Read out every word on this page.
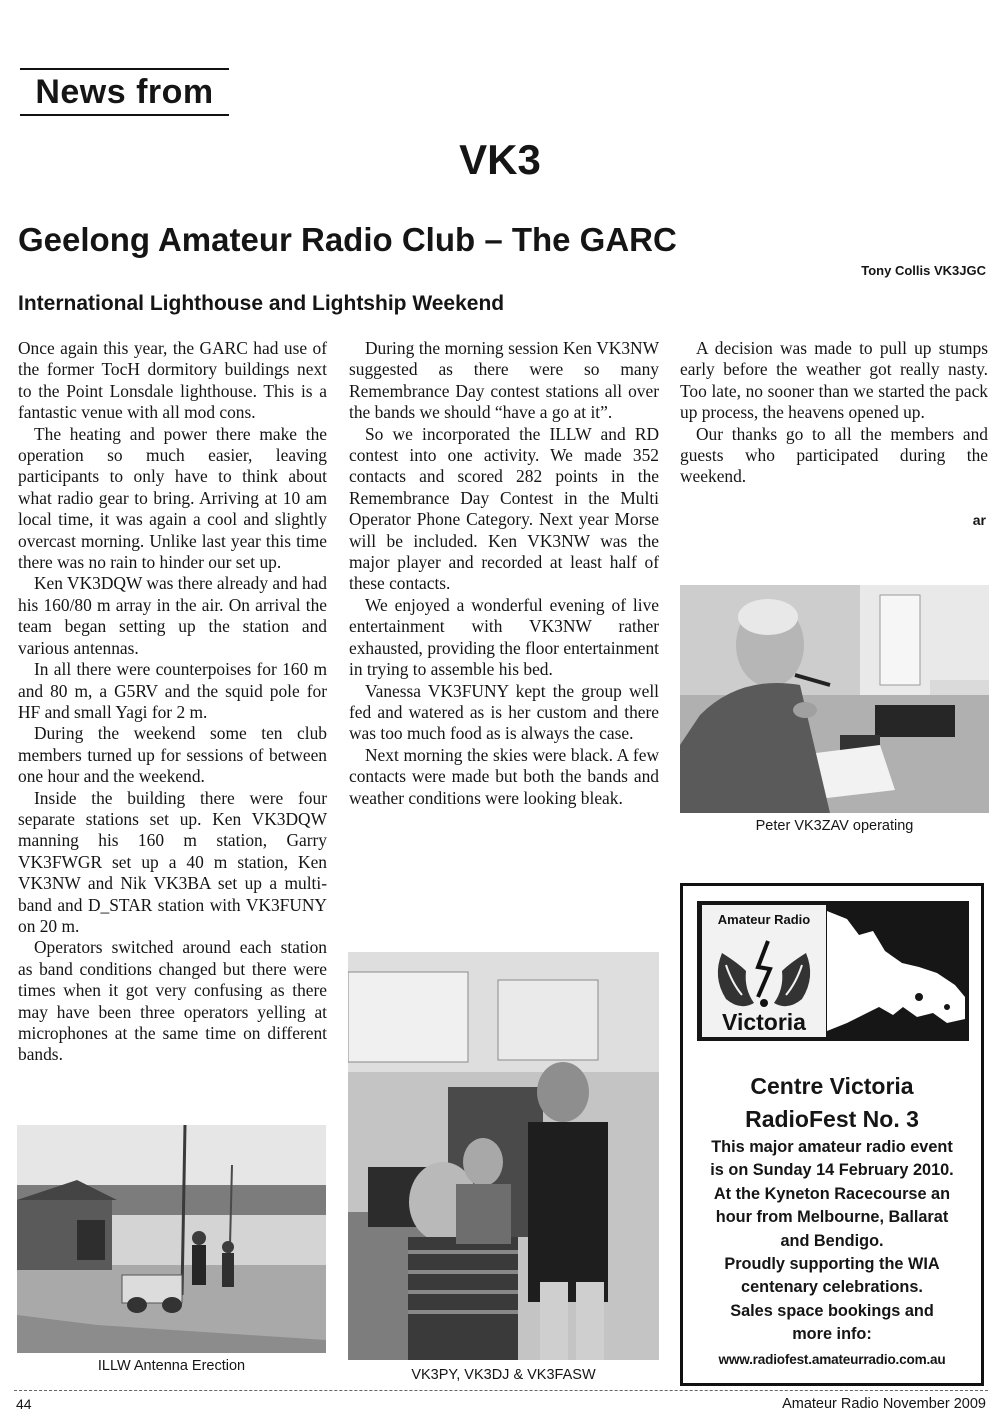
News from
VK3
Geelong Amateur Radio Club – The GARC
Tony Collis VK3JGC
International Lighthouse and Lightship Weekend

Once again this year, the GARC had use of the former TocH dormitory buildings next to the Point Lonsdale lighthouse. This is a fantastic venue with all mod cons.

The heating and power there make the operation so much easier, leaving participants to only have to think about what radio gear to bring. Arriving at 10 am local time, it was again a cool and slightly overcast morning. Unlike last year this time there was no rain to hinder our set up.

Ken VK3DQW was there already and had his 160/80 m array in the air. On arrival the team began setting up the station and various antennas.

In all there were counterpoises for 160 m and 80 m, a G5RV and the squid pole for HF and small Yagi for 2 m.

During the weekend some ten club members turned up for sessions of between one hour and the weekend.

Inside the building there were four separate stations set up. Ken VK3DQW manning his 160 m station, Garry VK3FWGR set up a 40 m station, Ken VK3NW and Nik VK3BA set up a multi-band and D_STAR station with VK3FUNY on 20 m.

Operators switched around each station as band conditions changed but there were times when it got very confusing as there may have been three operators yelling at microphones at the same time on different bands.

During the morning session Ken VK3NW suggested as there were so many Remembrance Day contest stations all over the bands we should “have a go at it”.

So we incorporated the ILLW and RD contest into one activity. We made 352 contacts and scored 282 points in the Remembrance Day Contest in the Multi Operator Phone Category. Next year Morse will be included. Ken VK3NW was the major player and recorded at least half of these contacts.

We enjoyed a wonderful evening of live entertainment with VK3NW rather exhausted, providing the floor entertainment in trying to assemble his bed.

Vanessa VK3FUNY kept the group well fed and watered as is her custom and there was too much food as is always the case.

Next morning the skies were black. A few contacts were made but both the bands and weather conditions were looking bleak.

A decision was made to pull up stumps early before the weather got really nasty. Too late, no sooner than we started the pack up process, the heavens opened up.

Our thanks go to all the members and guests who participated during the weekend.

ar
ILLW Antenna Erection
VK3PY, VK3DJ & VK3FASW
Peter VK3ZAV operating
Amateur Radio
Victoria
Centre Victoria
RadioFest No. 3
This major amateur radio event
is on Sunday 14 February 2010.
At the Kyneton Racecourse an
hour from Melbourne, Ballarat
and Bendigo.
Proudly supporting the WIA
centenary celebrations.
Sales space bookings and
more info:
www.radiofest.amateurradio.com.au
44	Amateur Radio November 2009
